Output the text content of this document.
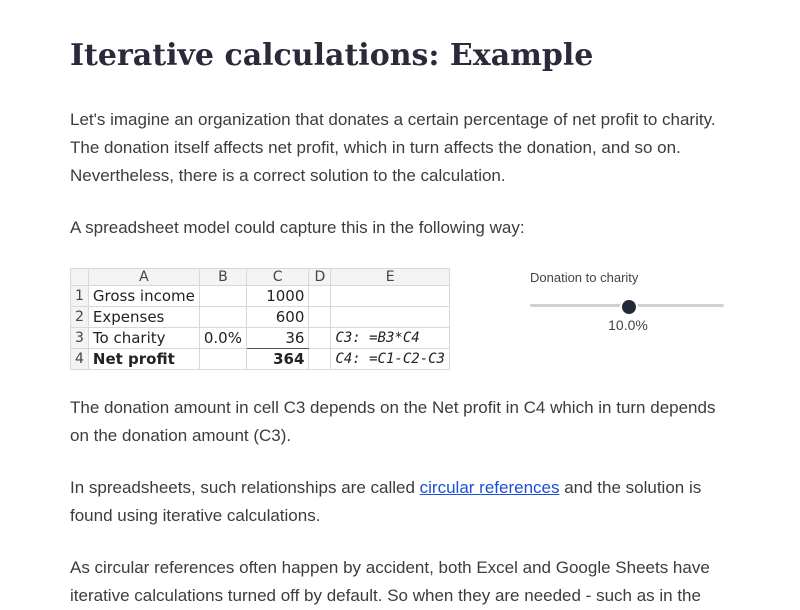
Iterative calculations: Example

Let's imagine an organization that donates a certain percentage of net profit to charity. The donation itself affects net profit, which in turn affects the donation, and so on. Nevertheless, there is a correct solution to the calculation.

A spreadsheet model could capture this in the following way:

	A	B	C	D	E
1	Gross income		1000		
2	Expenses		600		
3	To charity	0.0%	36		C3: =B3*C4
4	Net profit		364		C4: =C1-C2-C3
Donation to charity
10.0%

The donation amount in cell C3 depends on the Net profit in C4 which in turn depends on the donation amount (C3).

In spreadsheets, such relationships are called circular references and the solution is found using iterative calculations.

As circular references often happen by accident, both Excel and Google Sheets have iterative calculations turned off by default. So when they are needed - such as in the
